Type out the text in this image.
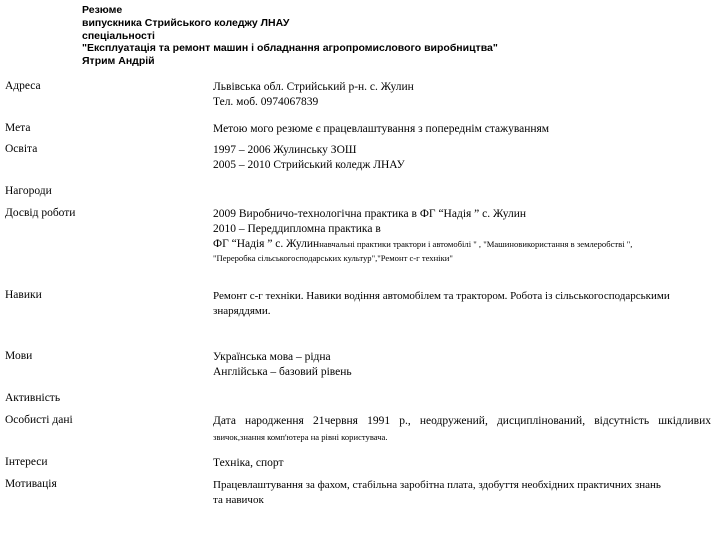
Резюме
випускника Стрийського коледжу ЛНАУ
спеціальності
"Експлуатація та ремонт машин і обладнання агропромислового виробництва"
Ятрим Андрій
Адреса	Львівська обл. Стрийський р-н. с. Жулин
Тел. моб. 0974067839
Мета	Метою мого резюме є працевлаштування з попереднім стажуванням
Освіта	1997 – 2006 Жулинську ЗОШ
2005 – 2010 Стрийський коледж ЛНАУ
Нагороди
Досвід роботи	2009 Виробничо-технологічна практика в ФГ “Надія ” с. Жулин
2010 – Переддипломна практика в
ФГ “Надія ” с. Жулиннавчальні практики трактори і автомобілі " , "Машиновикористання в землеробстві ",
"Переробка сільськогосподарських культур","Ремонт с-г техніки"
Навики	Ремонт с-г техніки. Навики водіння автомобілем та трактором. Робота із сільськогосподарськими
знаряддями.
Мови	Українська мова – рідна
Англійська – базовий рівень
Активність
Особисті дані	Дата народження 21червня 1991 р., неодружений, дисциплінований, відсутність шкідливих
звичок,знання комп'ютера на рівні користувача.
Інтереси	Техніка, спорт
Мотивація	Працевлаштування за фахом, стабільна заробітна плата, здобуття необхідних практичних знань
та навичок
